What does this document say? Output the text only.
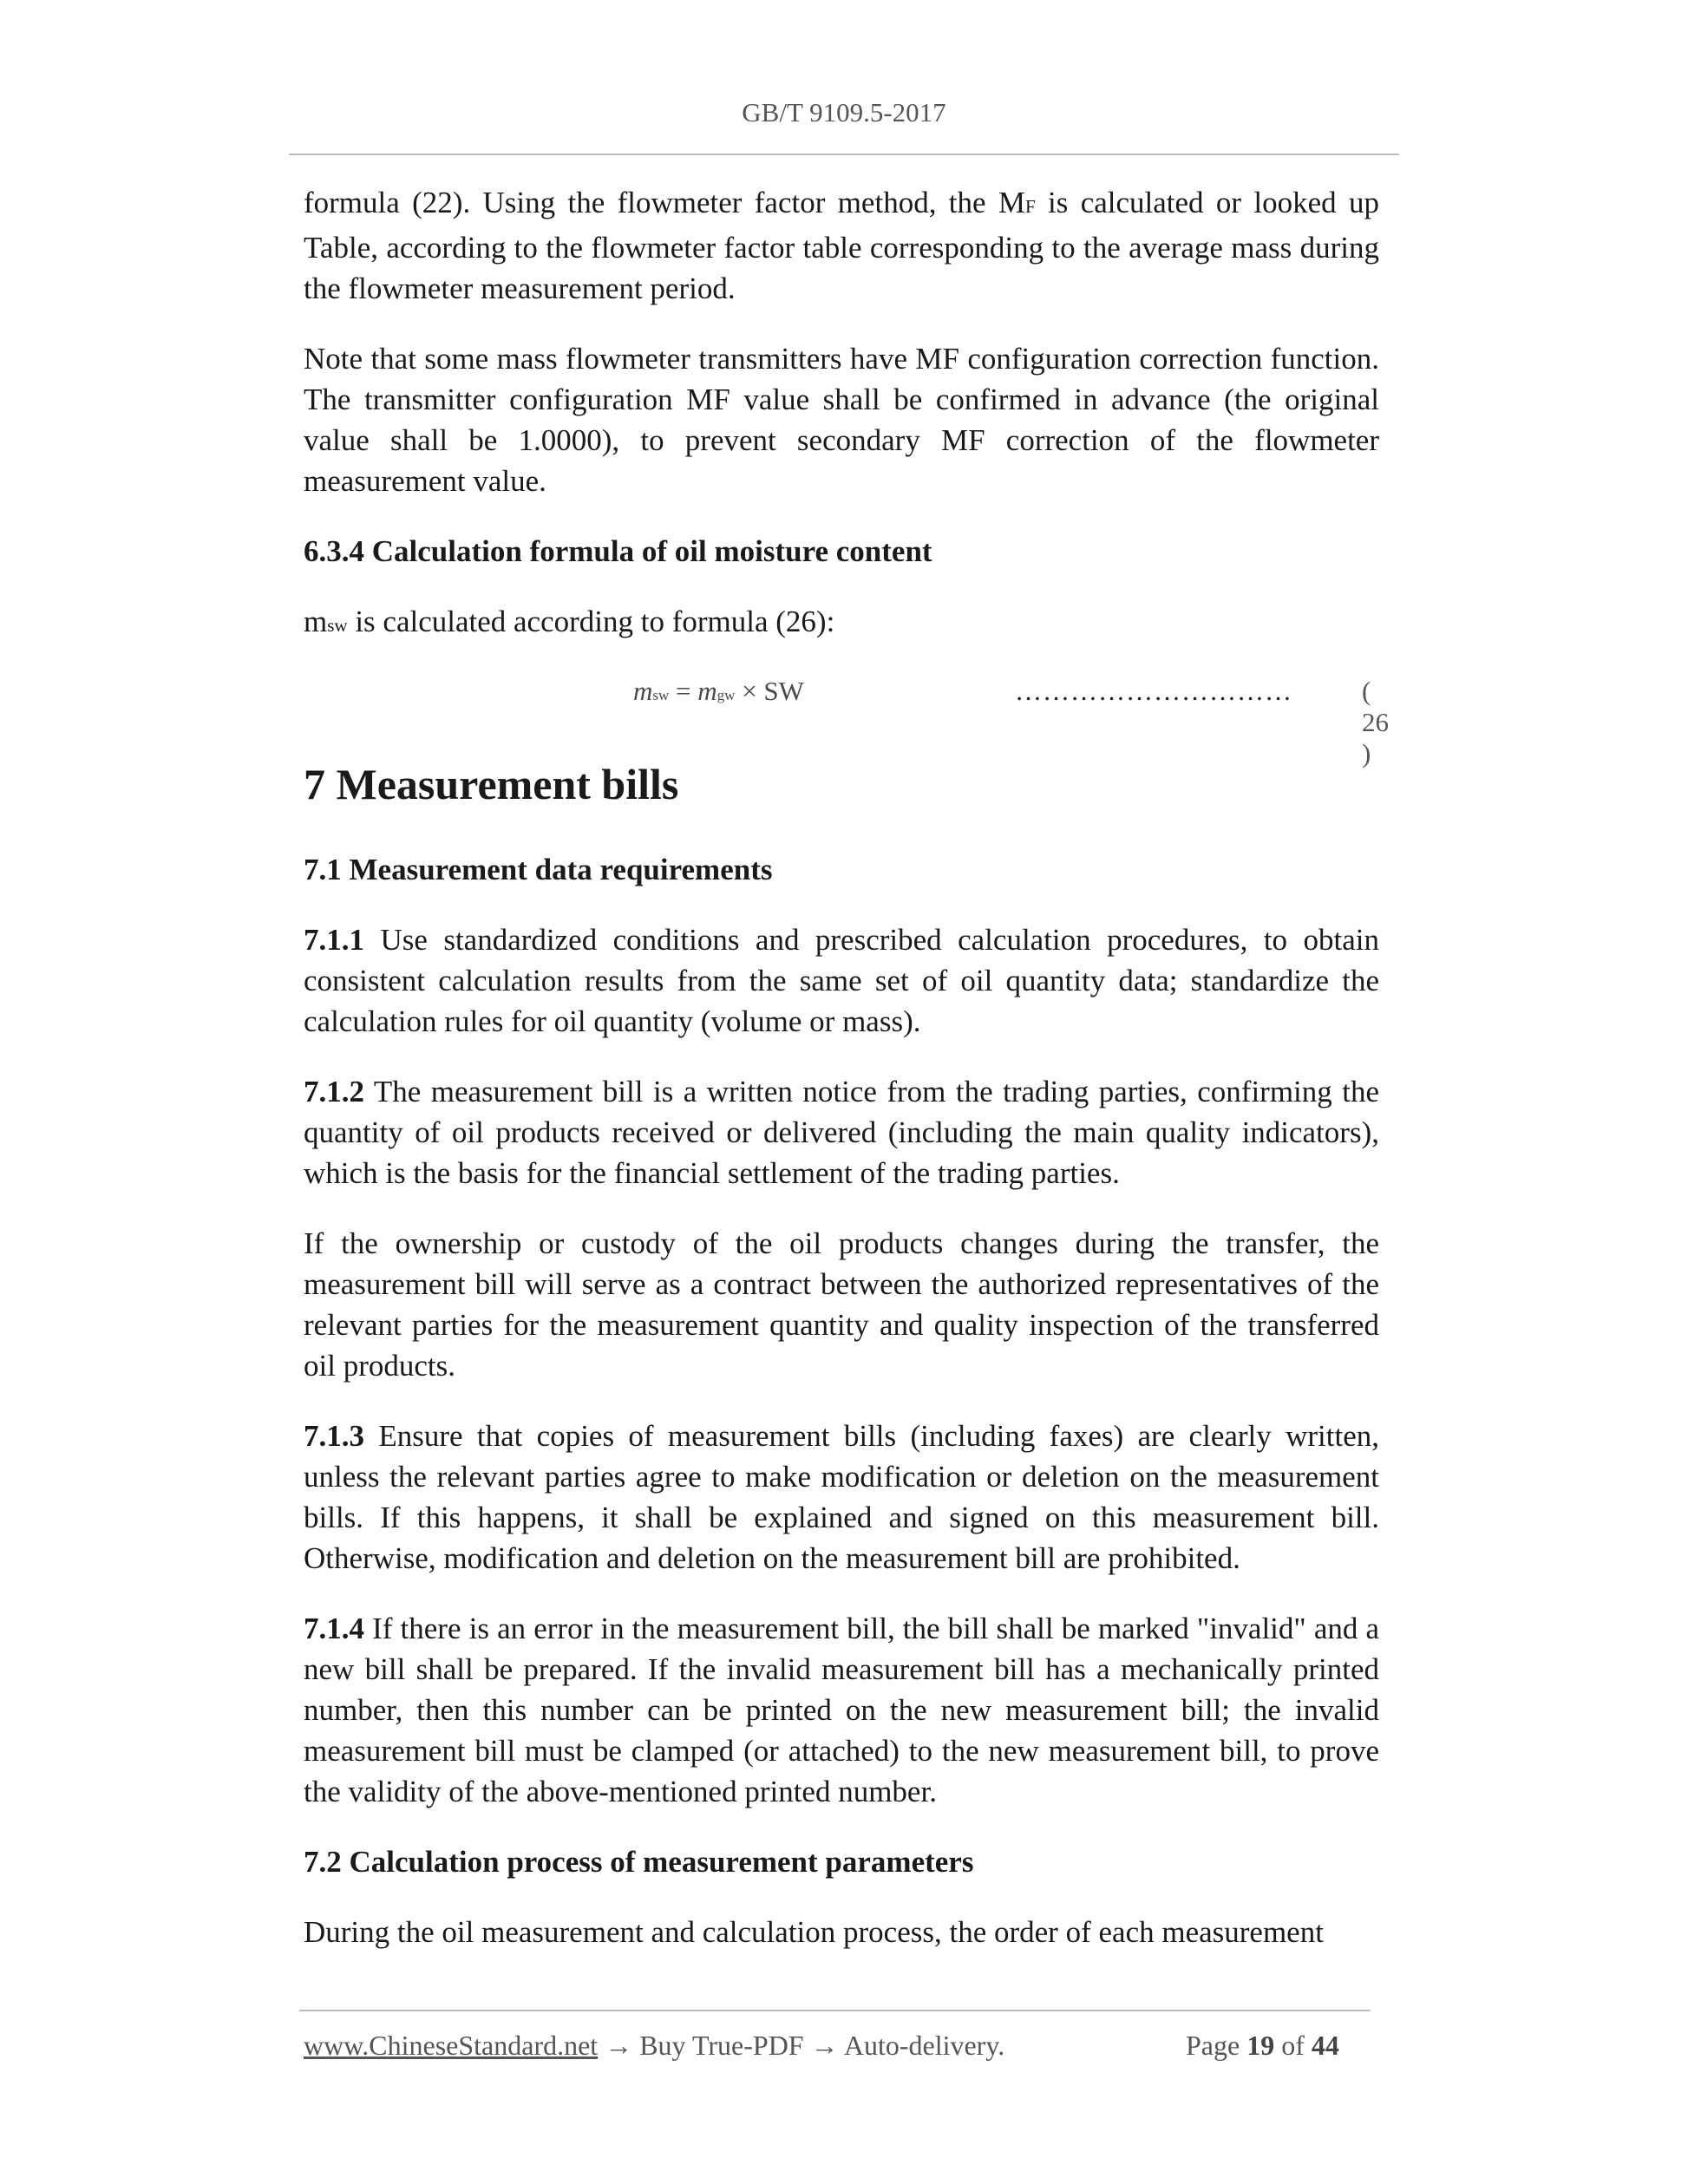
GB/T 9109.5-2017

formula (22). Using the flowmeter factor method, the MF is calculated or looked up Table, according to the flowmeter factor table corresponding to the average mass during the flowmeter measurement period.

Note that some mass flowmeter transmitters have MF configuration correction function. The transmitter configuration MF value shall be confirmed in advance (the original value shall be 1.0000), to prevent secondary MF correction of the flowmeter measurement value.

6.3.4 Calculation formula of oil moisture content

msw is calculated according to formula (26):

msw = mgw × SW	…………………………	( 26 )
7 Measurement bills

7.1 Measurement data requirements

7.1.1 Use standardized conditions and prescribed calculation procedures, to obtain consistent calculation results from the same set of oil quantity data; standardize the calculation rules for oil quantity (volume or mass).

7.1.2 The measurement bill is a written notice from the trading parties, confirming the quantity of oil products received or delivered (including the main quality indicators), which is the basis for the financial settlement of the trading parties.

If the ownership or custody of the oil products changes during the transfer, the measurement bill will serve as a contract between the authorized representatives of the relevant parties for the measurement quantity and quality inspection of the transferred oil products.

7.1.3 Ensure that copies of measurement bills (including faxes) are clearly written, unless the relevant parties agree to make modification or deletion on the measurement bills. If this happens, it shall be explained and signed on this measurement bill. Otherwise, modification and deletion on the measurement bill are prohibited.

7.1.4 If there is an error in the measurement bill, the bill shall be marked "invalid" and a new bill shall be prepared. If the invalid measurement bill has a mechanically printed number, then this number can be printed on the new measurement bill; the invalid measurement bill must be clamped (or attached) to the new measurement bill, to prove the validity of the above-mentioned printed number.

7.2 Calculation process of measurement parameters

During the oil measurement and calculation process, the order of each measurement

www.ChineseStandard.net → Buy True-PDF → Auto-delivery.	Page 19 of 44
